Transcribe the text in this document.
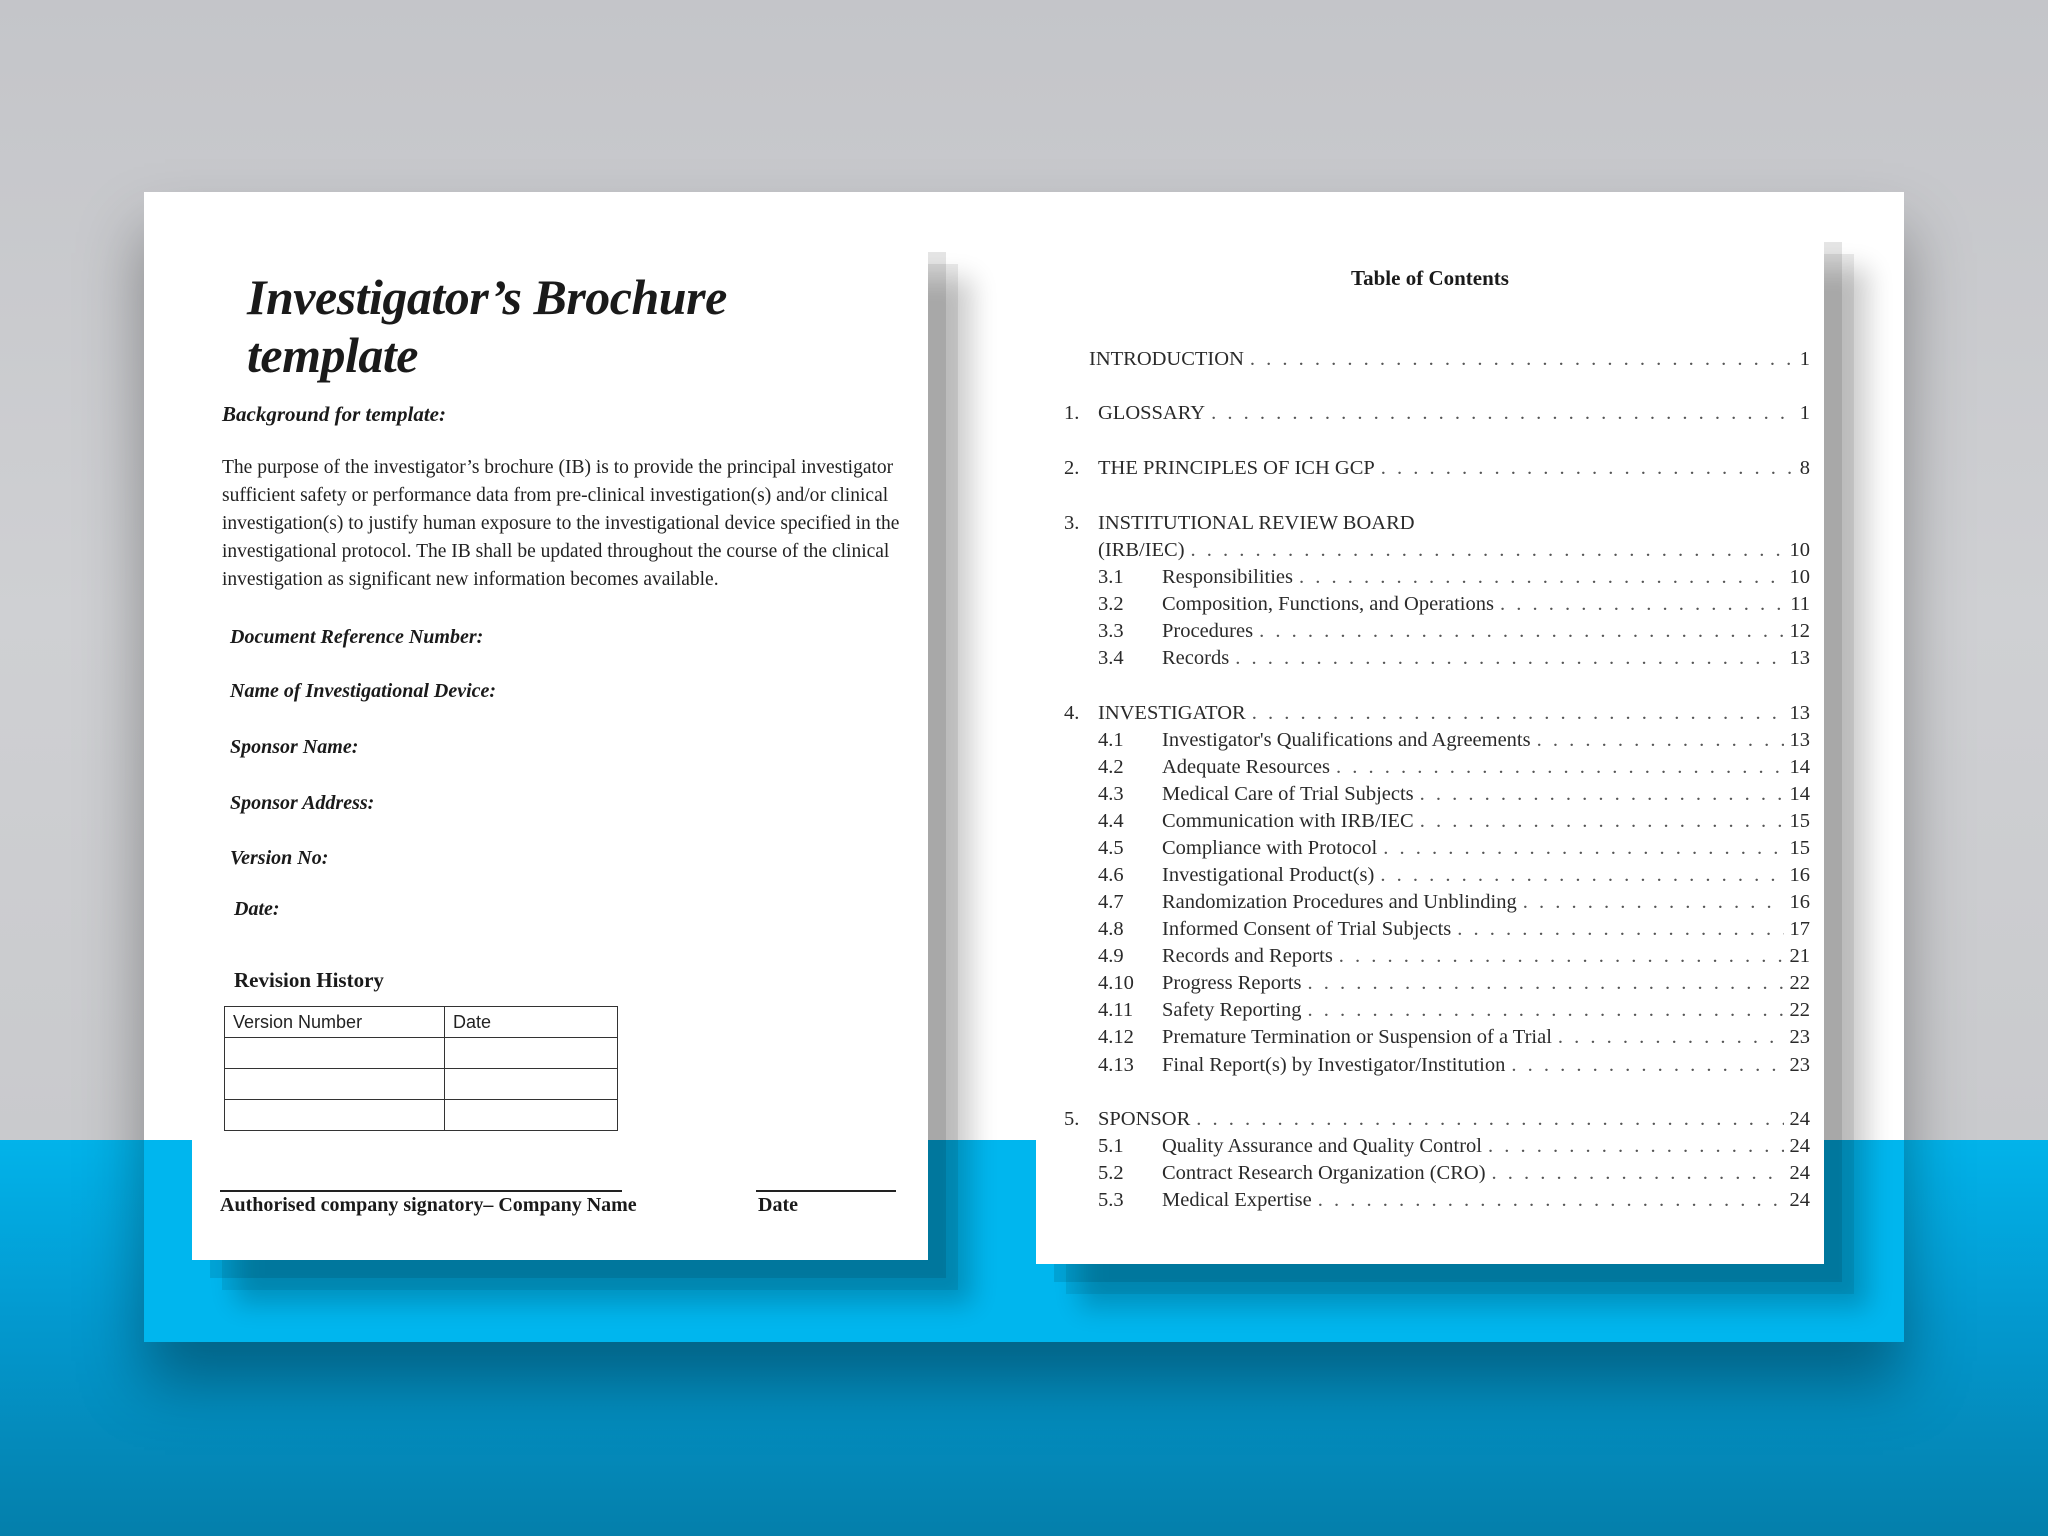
Investigator’s Brochure template
Background for template:
The purpose of the investigator’s brochure (IB) is to provide the principal investigator sufficient safety or performance data from pre-clinical investigation(s) and/or clinical investigation(s) to justify human exposure to the investigational device specified in the investigational protocol. The IB shall be updated throughout the course of the clinical investigation as significant new information becomes available.
Document Reference Number:
Name of Investigational Device:
Sponsor Name:
Sponsor Address:
Version No:
Date:
Revision History
Version Number	Date

Authorised company signatory– Company Name	Date
Table of Contents
INTRODUCTION . . .	1
1. GLOSSARY . . .	1
2. THE PRINCIPLES OF ICH GCP . . .	8
3. INSTITUTIONAL REVIEW BOARD
(IRB/IEC) . . .	10
3.1	Responsibilities . . .	10
3.2	Composition, Functions, and Operations . . .	11
3.3	Procedures . . .	12
3.4	Records . . .	13
4. INVESTIGATOR . . .	13
4.1	Investigator's Qualifications and Agreements . . .	13
4.2	Adequate Resources . . .	14
4.3	Medical Care of Trial Subjects . . .	14
4.4	Communication with IRB/IEC . . .	15
4.5	Compliance with Protocol . . .	15
4.6	Investigational Product(s) . . .	16
4.7	Randomization Procedures and Unblinding . . .	16
4.8	Informed Consent of Trial Subjects . . .	17
4.9	Records and Reports . . .	21
4.10	Progress Reports . . .	22
4.11	Safety Reporting . . .	22
4.12	Premature Termination or Suspension of a Trial . . .	23
4.13	Final Report(s) by Investigator/Institution . . .	23
5. SPONSOR . . .	24
5.1	Quality Assurance and Quality Control . . .	24
5.2	Contract Research Organization (CRO) . . .	24
5.3	Medical Expertise . . .	24
